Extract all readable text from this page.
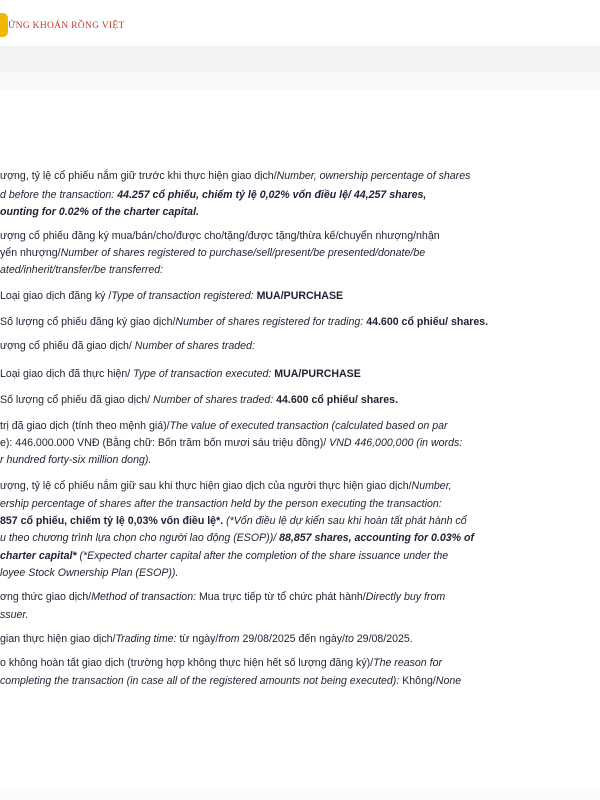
ỨNG KHOÁN RỒNG VIỆT
ượng, tỷ lệ cổ phiếu nắm giữ trước khi thực hiện giao dịch/Number, ownership percentage of shares
d before the transaction: 44.257 cổ phiếu, chiếm tỷ lệ 0,02% vốn điều lệ/ 44,257 shares,
ounting for 0.02% of the charter capital.
ượng cổ phiếu đăng ký mua/bán/cho/được cho/tặng/được tặng/thừa kế/chuyển nhượng/nhận
yển nhượng/Number of shares registered to purchase/sell/present/be presented/donate/be
ated/inherit/transfer/be transferred:
Loại giao dịch đăng ký /Type of transaction registered: MUA/PURCHASE
Số lượng cổ phiếu đăng ký giao dịch/Number of shares registered for trading: 44.600 cổ phiếu/ shares.
ượng cổ phiếu đã giao dịch/ Number of shares traded:
Loại giao dịch đã thực hiện/ Type of transaction executed: MUA/PURCHASE
Số lượng cổ phiếu đã giao dịch/ Number of shares traded: 44.600 cổ phiếu/ shares.
trị đã giao dịch (tính theo mệnh giá)/The value of executed transaction (calculated based on par
e): 446.000.000 VNĐ (Bằng chữ: Bốn trăm bốn mươi sáu triệu đồng)/ VND 446,000,000 (in words:
r hundred forty-six million dong).
ượng, tỷ lệ cổ phiếu nắm giữ sau khi thực hiện giao dịch của người thực hiện giao dịch/Number,
ership percentage of shares after the transaction held by the person executing the transaction:
857 cổ phiếu, chiếm tỷ lệ 0,03% vốn điều lệ*. (*Vốn điều lệ dự kiến sau khi hoàn tất phát hành cổ
u theo chương trình lựa chọn cho người lao động (ESOP))/ 88,857 shares, accounting for 0.03% of
charter capital* (*Expected charter capital after the completion of the share issuance under the
loyee Stock Ownership Plan (ESOP)).
ơng thức giao dịch/Method of transaction: Mua trực tiếp từ tổ chức phát hành/Directly buy from
ssuer.
gian thực hiện giao dịch/Trading time: từ ngày/from 29/08/2025 đến ngày/to 29/08/2025.
o không hoàn tất giao dịch (trường hợp không thực hiện hết số lượng đăng ký)/The reason for
completing the transaction (in case all of the registered amounts not being executed): Không/None
